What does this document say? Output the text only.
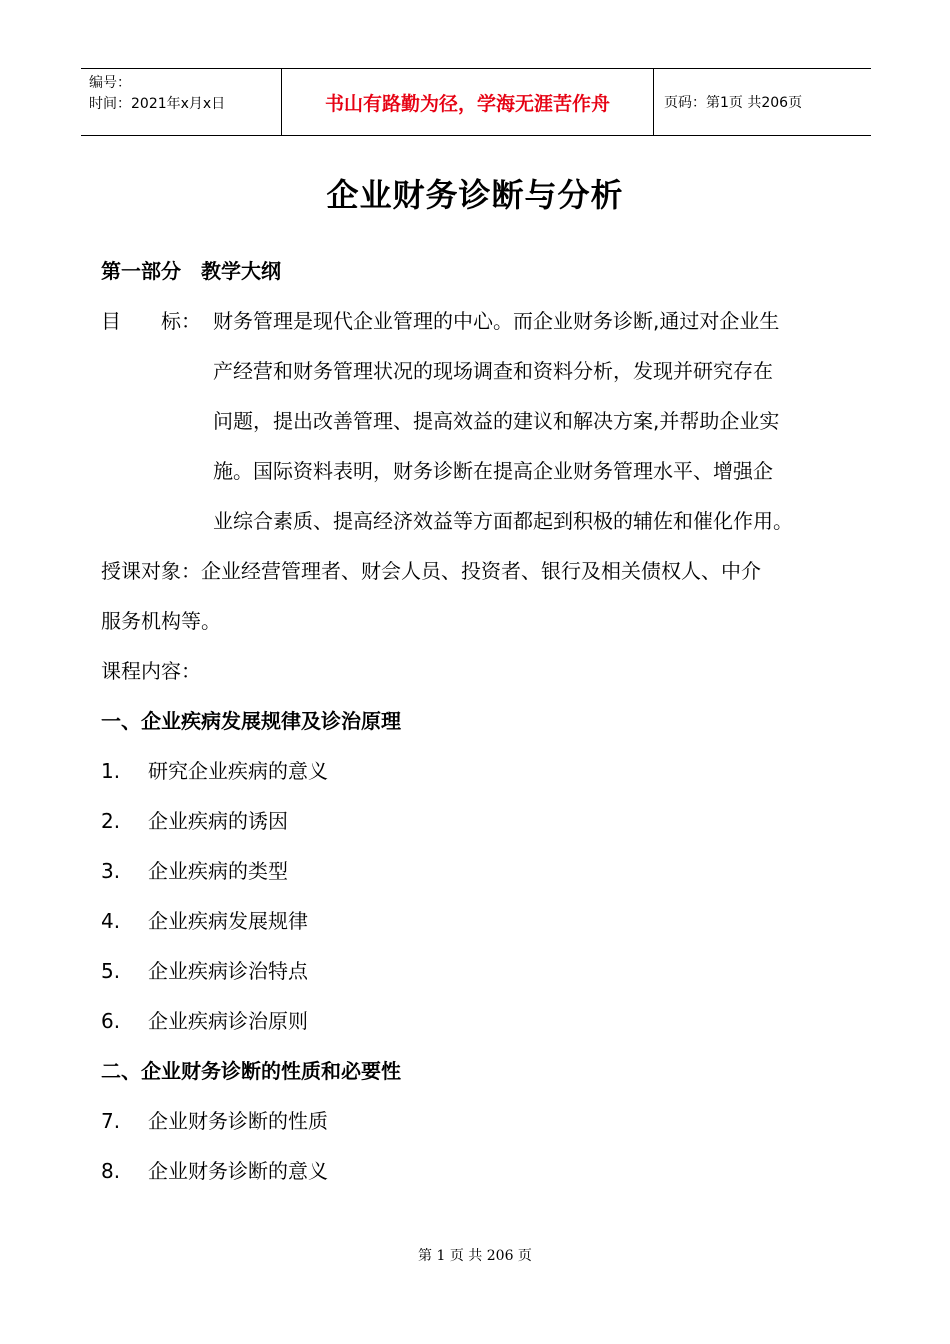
编号：
时间：2021年x月x日	书山有路勤为径，学海无涯苦作舟	页码：第1页 共206页
企业财务诊断与分析
第一部分　教学大纲
目 标： 财务管理是现代企业管理的中心。而企业财务诊断,通过对企业生
产经营和财务管理状况的现场调查和资料分析，发现并研究存在
问题，提出改善管理、提高效益的建议和解决方案,并帮助企业实
施。国际资料表明，财务诊断在提高企业财务管理水平、增强企
业综合素质、提高经济效益等方面都起到积极的辅佐和催化作用。
授课对象：企业经营管理者、财会人员、投资者、银行及相关债权人、中介
服务机构等。
课程内容：
一、企业疾病发展规律及诊治原理
1. 研究企业疾病的意义
2. 企业疾病的诱因
3. 企业疾病的类型
4. 企业疾病发展规律
5. 企业疾病诊治特点
6. 企业疾病诊治原则
二、企业财务诊断的性质和必要性
7. 企业财务诊断的性质
8. 企业财务诊断的意义
第 1 页 共 206 页
